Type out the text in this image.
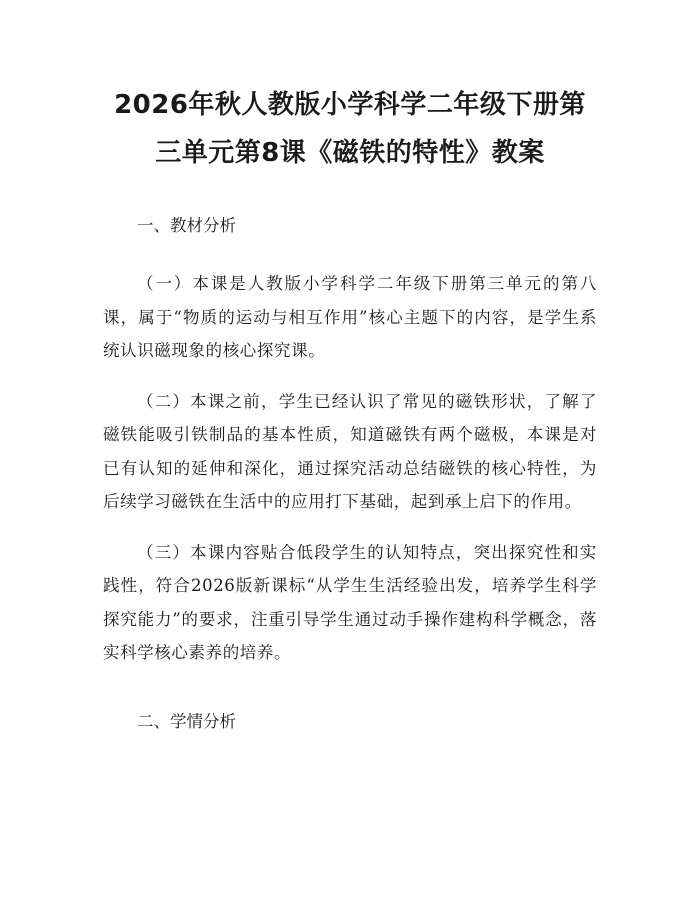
2026年秋人教版小学科学二年级下册第三单元第8课《磁铁的特性》教案
一、教材分析

（一）本课是人教版小学科学二年级下册第三单元的第八课，属于“物质的运动与相互作用”核心主题下的内容，是学生系统认识磁现象的核心探究课。

（二）本课之前，学生已经认识了常见的磁铁形状，了解了磁铁能吸引铁制品的基本性质，知道磁铁有两个磁极，本课是对已有认知的延伸和深化，通过探究活动总结磁铁的核心特性，为后续学习磁铁在生活中的应用打下基础，起到承上启下的作用。

（三）本课内容贴合低段学生的认知特点，突出探究性和实践性，符合2026版新课标“从学生生活经验出发，培养学生科学探究能力”的要求，注重引导学生通过动手操作建构科学概念，落实科学核心素养的培养。

二、学情分析
